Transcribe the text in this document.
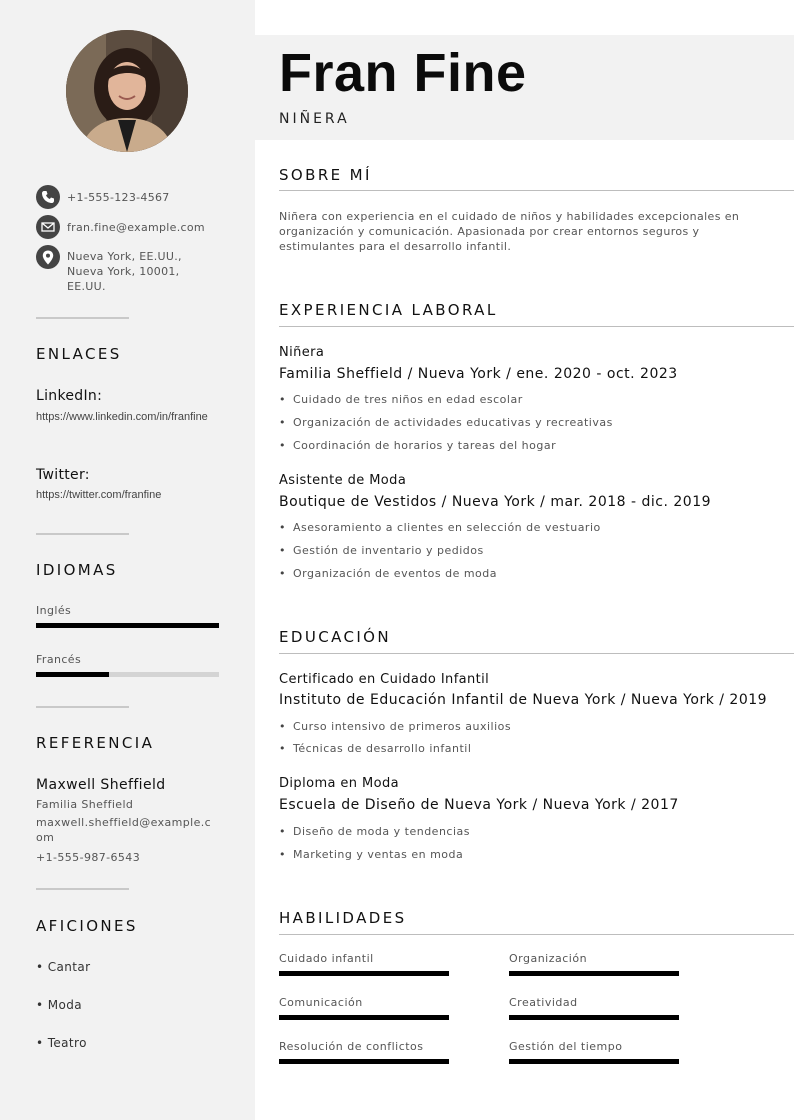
+1-555-123-4567
fran.fine@example.com
Nueva York, EE.UU.,
Nueva York, 10001,
EE.UU.
ENLACES
LinkedIn:
https://www.linkedin.com/in/franfine
Twitter:
https://twitter.com/franfine
IDIOMAS
Inglés
Francés
REFERENCIA
Maxwell Sheffield
Familia Sheffield
maxwell.sheffield@example.com
+1-555-987-6543
AFICIONES
• Cantar
• Moda
• Teatro
Fran Fine
NIÑERA
SOBRE MÍ
Niñera con experiencia en el cuidado de niños y habilidades excepcionales en organización y comunicación. Apasionada por crear entornos seguros y estimulantes para el desarrollo infantil.
EXPERIENCIA LABORAL
Niñera
Familia Sheffield / Nueva York / ene. 2020 - oct. 2023
• Cuidado de tres niños en edad escolar
• Organización de actividades educativas y recreativas
• Coordinación de horarios y tareas del hogar
Asistente de Moda
Boutique de Vestidos / Nueva York / mar. 2018 - dic. 2019
• Asesoramiento a clientes en selección de vestuario
• Gestión de inventario y pedidos
• Organización de eventos de moda
EDUCACIÓN
Certificado en Cuidado Infantil
Instituto de Educación Infantil de Nueva York / Nueva York / 2019
• Curso intensivo de primeros auxilios
• Técnicas de desarrollo infantil
Diploma en Moda
Escuela de Diseño de Nueva York / Nueva York / 2017
• Diseño de moda y tendencias
• Marketing y ventas en moda
HABILIDADES
Cuidado infantil	Organización
Comunicación	Creatividad
Resolución de conflictos	Gestión del tiempo
